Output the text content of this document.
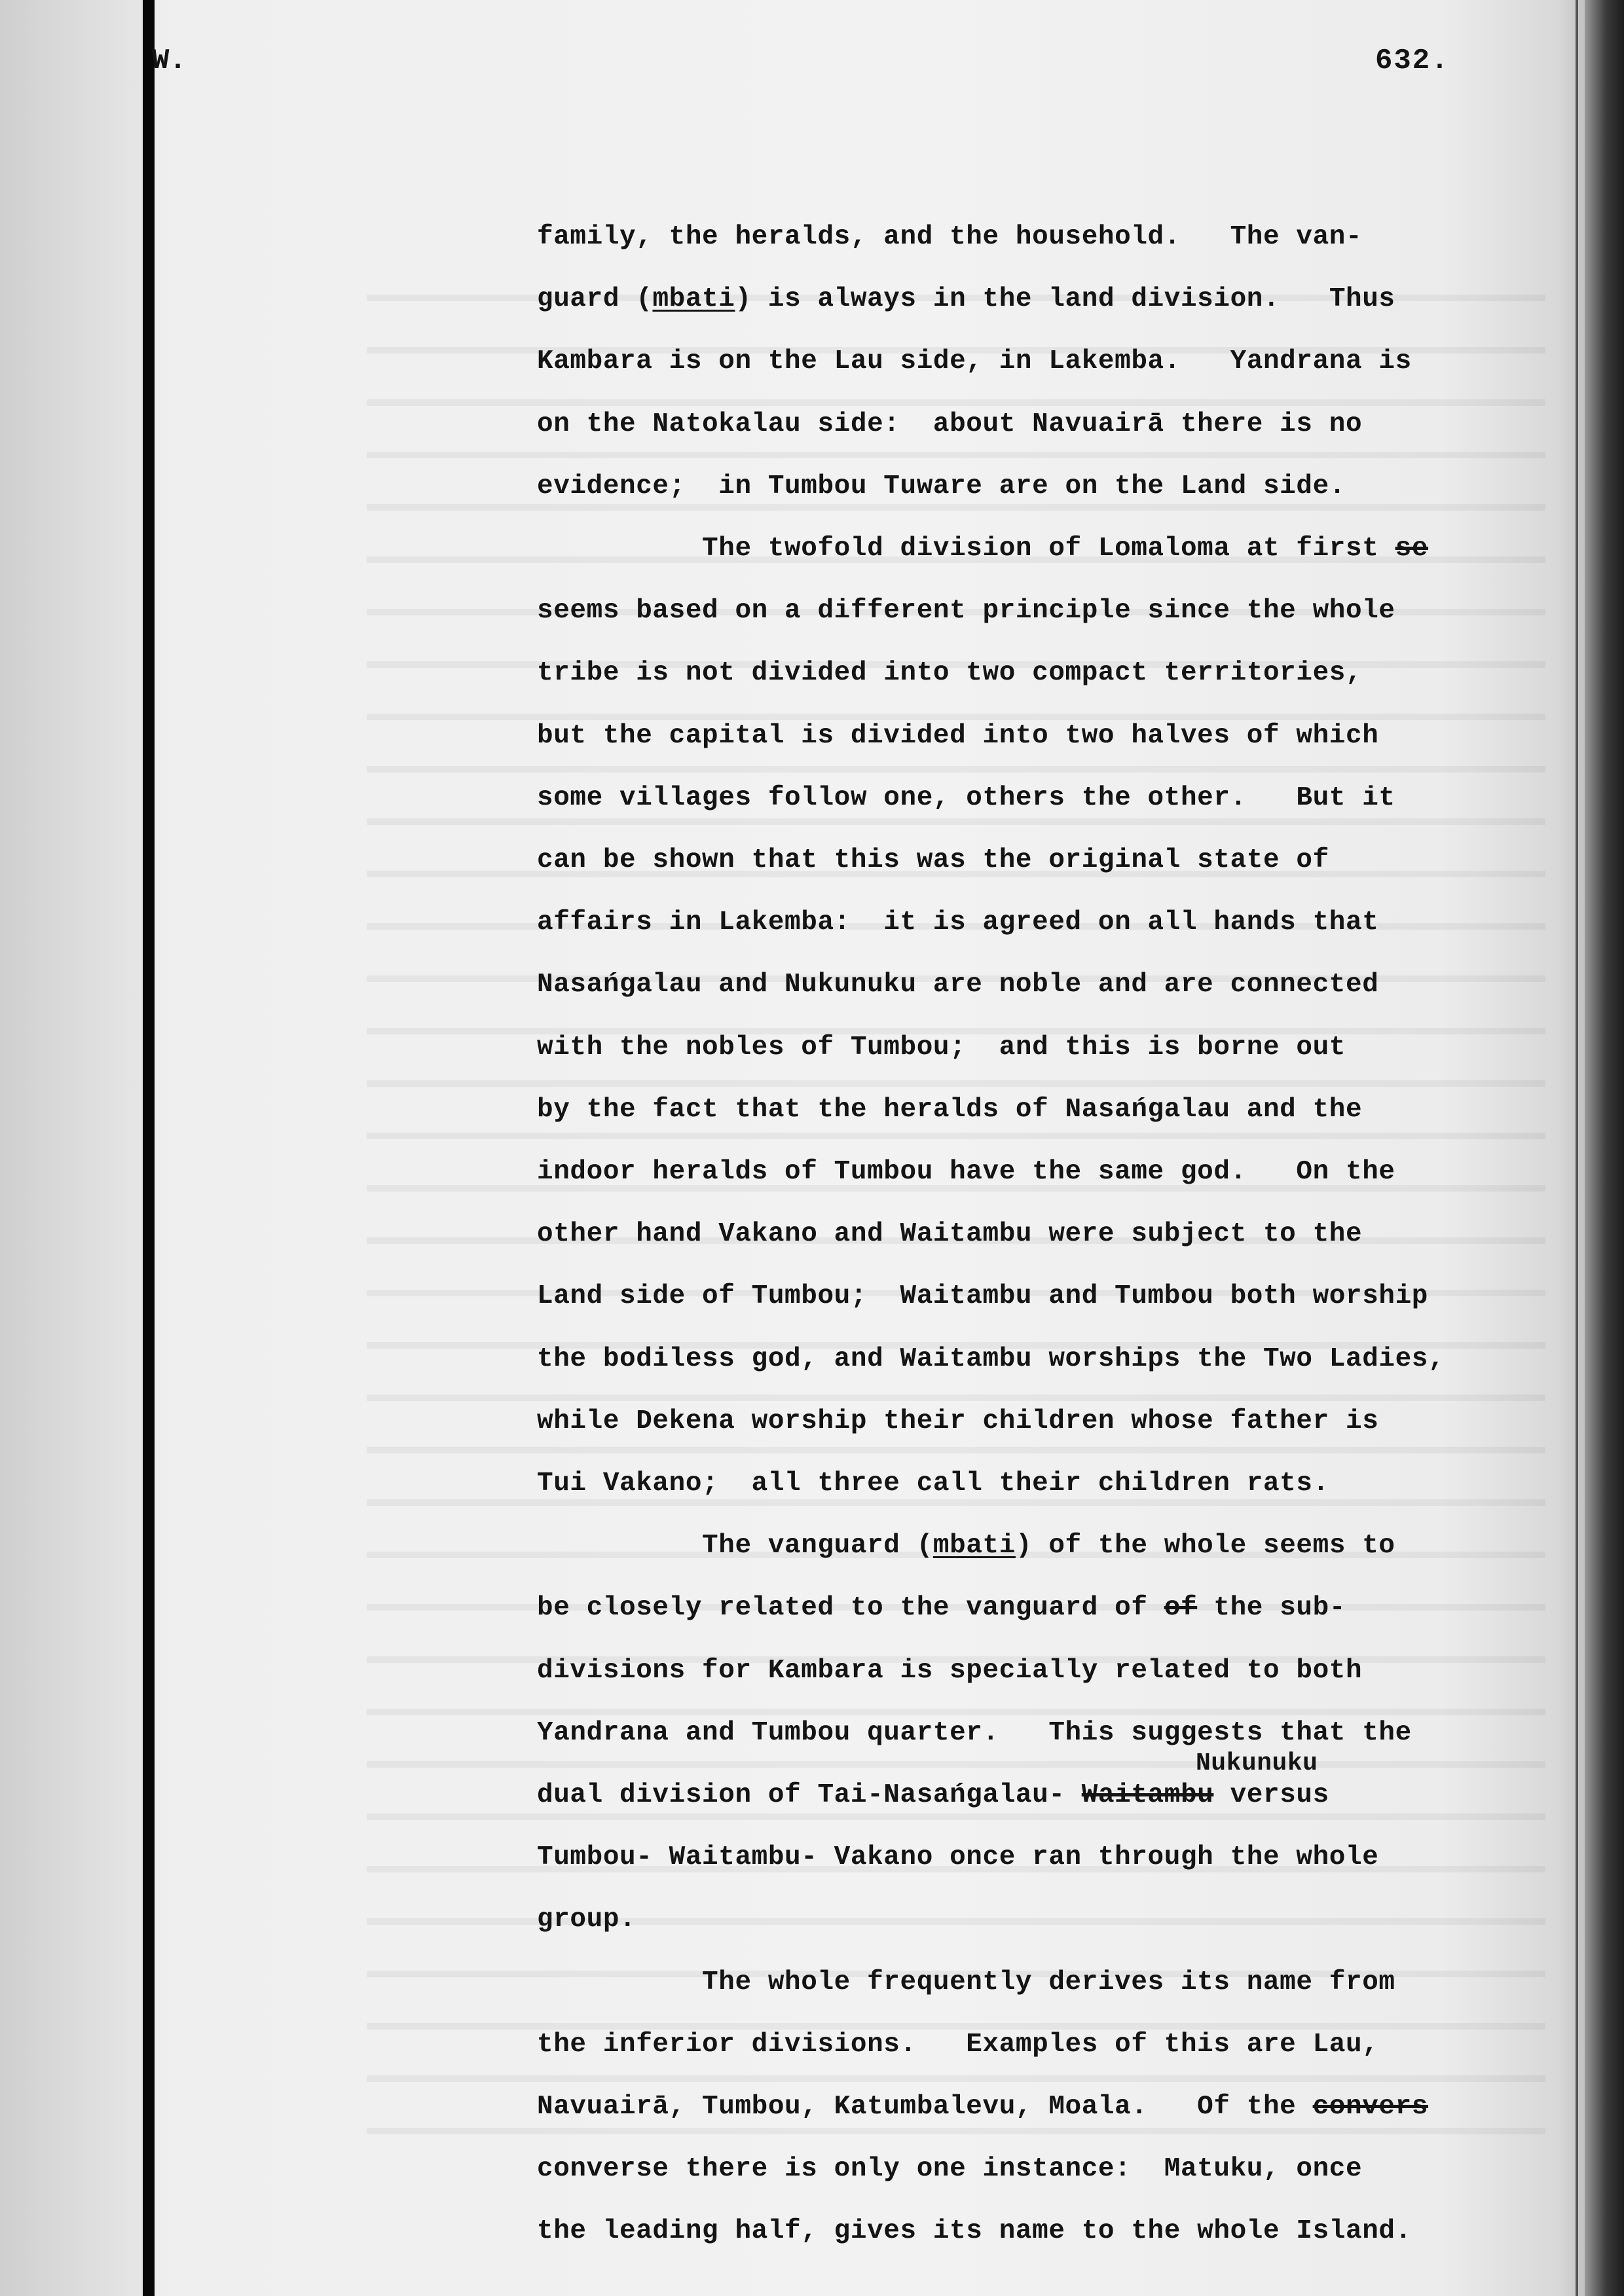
W.	632.
family, the heralds, and the household.   The van-
guard (mbati) is always in the land division.   Thus
Kambara is on the Lau side, in Lakemba.   Yandrana is
on the Natokalau side:  about Navuairā there is no
evidence;  in Tumbou Tuware are on the Land side.
The twofold division of Lomaloma at first se
seems based on a different principle since the whole
tribe is not divided into two compact territories,
but the capital is divided into two halves of which
some villages follow one, others the other.   But it
can be shown that this was the original state of
affairs in Lakemba:  it is agreed on all hands that
Nasańgalau and Nukunuku are noble and are connected
with the nobles of Tumbou;  and this is borne out
by the fact that the heralds of Nasańgalau and the
indoor heralds of Tumbou have the same god.   On the
other hand Vakano and Waitambu were subject to the
Land side of Tumbou;  Waitambu and Tumbou both worship
the bodiless god, and Waitambu worships the Two Ladies,
while Dekena worship their children whose father is
Tui Vakano;  all three call their children rats.
The vanguard (mbati) of the whole seems to
be closely related to the vanguard of of the sub-
divisions for Kambara is specially related to both
Yandrana and Tumbou quarter.   This suggests that the
dual division of Tai-Nasańgalau- Waitambu versus
Tumbou- Waitambu- Vakano once ran through the whole
group.
The whole frequently derives its name from
the inferior divisions.   Examples of this are Lau,
Navuairā, Tumbou, Katumbalevu, Moala.   Of the convers
converse there is only one instance:  Matuku, once
the leading half, gives its name to the whole Island.
Nukunuku
